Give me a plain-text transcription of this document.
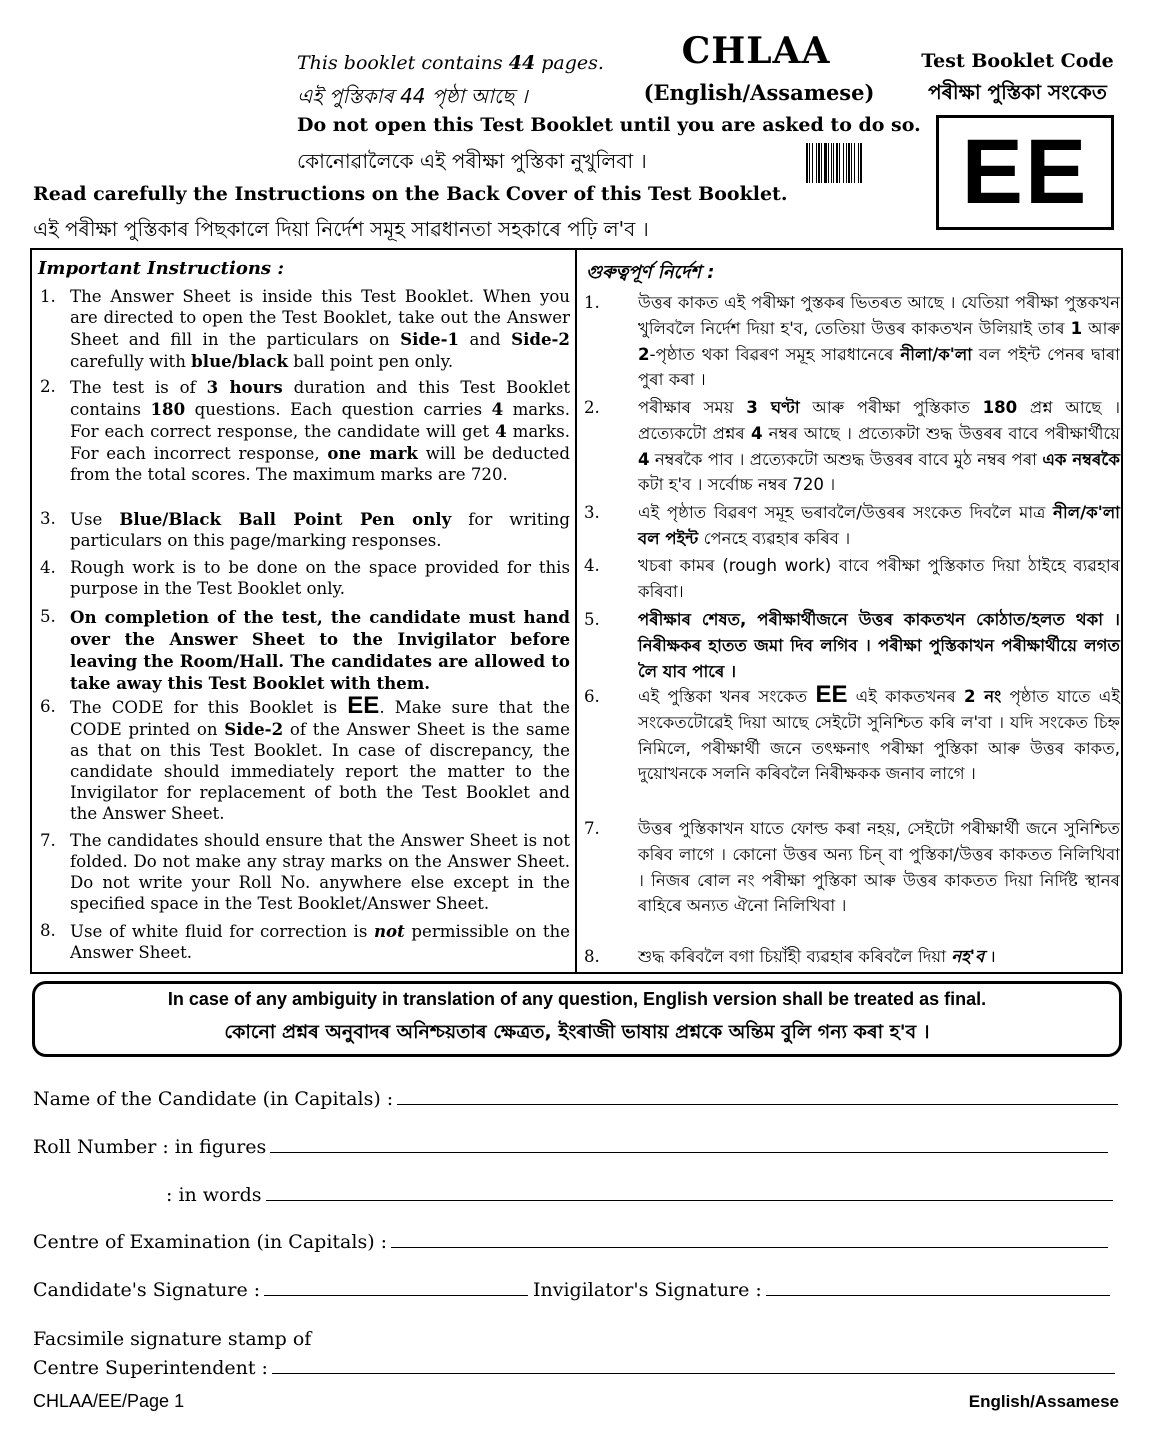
This booklet contains 44 pages.
এই পুস্তিকাৰ 44 পৃষ্ঠা আছে ।
CHLAA
(English/Assamese)
Test Booklet Code
পৰীক্ষা পুস্তিকা সংকেত
Do not open this Test Booklet until you are asked to do so.
কোনোৱালৈকে এই পৰীক্ষা পুস্তিকা নুখুলিবা ।	EE
Read carefully the Instructions on the Back Cover of this Test Booklet.
এই পৰীক্ষা পুস্তিকাৰ পিছকালে দিয়া নিৰ্দেশ সমূহ সাৱধানতা সহকাৰে পঢ়ি ল'ব ।
Important Instructions :	গুৰুত্বপূৰ্ণ নিৰ্দেশ :
1. The Answer Sheet is inside this Test Booklet. When you are directed to open the Test Booklet, take out the Answer Sheet and fill in the particulars on Side-1 and Side-2 carefully with blue/black ball point pen only.
2. The test is of 3 hours duration and this Test Booklet contains 180 questions. Each question carries 4 marks. For each correct response, the candidate will get 4 marks. For each incorrect response, one mark will be deducted from the total scores. The maximum marks are 720.
3. Use Blue/Black Ball Point Pen only for writing particulars on this page/marking responses.
4. Rough work is to be done on the space provided for this purpose in the Test Booklet only.
5. On completion of the test, the candidate must hand over the Answer Sheet to the Invigilator before leaving the Room/Hall. The candidates are allowed to take away this Test Booklet with them.
6. The CODE for this Booklet is EE. Make sure that the CODE printed on Side-2 of the Answer Sheet is the same as that on this Test Booklet. In case of discrepancy, the candidate should immediately report the matter to the Invigilator for replacement of both the Test Booklet and the Answer Sheet.
7. The candidates should ensure that the Answer Sheet is not folded. Do not make any stray marks on the Answer Sheet. Do not write your Roll No. anywhere else except in the specified space in the Test Booklet/Answer Sheet.
8. Use of white fluid for correction is not permissible on the Answer Sheet.
1.	উত্তৰ কাকত এই পৰীক্ষা পুস্তকৰ ভিতৰত আছে । যেতিয়া পৰীক্ষা পুস্তকখন খুলিবলৈ নিৰ্দেশ দিয়া হ'ব, তেতিয়া উত্তৰ কাকতখন উলিয়াই তাৰ 1 আৰু 2-পৃষ্ঠাত থকা বিৱৰণ সমূহ সাৱধানেৰে নীলা/ক'লা বল পইন্ট পেনৰ দ্বাৰা পুৰা কৰা ।
2.	পৰীক্ষাৰ সময় 3 ঘণ্টা আৰু পৰীক্ষা পুস্তিকাত 180 প্ৰশ্ন আছে । প্ৰত্যেকটো প্ৰশ্নৰ 4 নম্বৰ আছে । প্ৰত্যেকটা শুদ্ধ উত্তৰৰ বাবে পৰীক্ষাৰ্থীয়ে 4 নম্বৰকৈ পাব । প্ৰত্যেকটো অশুদ্ধ উত্তৰৰ বাবে মুঠ নম্বৰ পৰা এক নম্বৰকৈ কটা হ'ব । সৰ্বোচ্চ নম্বৰ 720 ।
3.	এই পৃষ্ঠাত বিৱৰণ সমূহ ভৰাবলৈ/উত্তৰৰ সংকেত দিবলৈ মাত্ৰ নীল/ক'লা বল পইন্ট পেনহে ব্যৱহাৰ কৰিব ।
4.	খচৰা কামৰ (rough work) বাবে পৰীক্ষা পুস্তিকাত দিয়া ঠাইহে ব্যৱহাৰ কৰিবা।
5.	পৰীক্ষাৰ শেষত, পৰীক্ষাৰ্থীজনে উত্তৰ কাকতখন কোঠাত/হলত থকা । নিৰীক্ষকৰ হাতত জমা দিব লগিব । পৰীক্ষা পুস্তিকাখন পৰীক্ষাৰ্থীয়ে লগত লৈ যাব পাৰে ।
6.	এই পুস্তিকা খনৰ সংকেত EE এই কাকতখনৰ 2 নং পৃষ্ঠাত যাতে এই সংকেতটোৱেই দিয়া আছে সেইটো সুনিশ্চিত কৰি ল'বা । যদি সংকেত চিহ্ন নিমিলে, পৰীক্ষাৰ্থী জনে তৎক্ষনাৎ পৰীক্ষা পুস্তিকা আৰু উত্তৰ কাকত, দুয়োখনকে সলনি কৰিবলৈ নিৰীক্ষকক জনাব লাগে ।
7.	উত্তৰ পুস্তিকাখন যাতে ফোল্ড কৰা নহয়, সেইটো পৰীক্ষাৰ্থী জনে সুনিশ্চিত কৰিব লাগে । কোনো উত্তৰ অন্য চিন্ বা পুস্তিকা/উত্তৰ কাকতত নিলিখিবা । নিজৰ ৰোল নং পৰীক্ষা পুস্তিকা আৰু উত্তৰ কাকতত দিয়া নিৰ্দিষ্ট স্থানৰ ৰাহিৰে অন্যত ঐনো নিলিখিবা ।
8.	শুদ্ধ কৰিবলৈ বগা চিয়াঁহী ব্যৱহাৰ কৰিবলৈ দিয়া নহ'ব ।
In case of any ambiguity in translation of any question, English version shall be treated as final.
কোনো প্ৰশ্নৰ অনুবাদৰ অনিশ্চয়তাৰ ক্ষেত্ৰত, ইংৰাজী ভাষায় প্ৰশ্নকে অন্তিম বুলি গন্য কৰা হ'ব ।
Name of the Candidate (in Capitals) :
Roll Number : in figures
: in words
Centre of Examination (in Capitals) :
Candidate's Signature :	Invigilator's Signature :
Facsimile signature stamp of
Centre Superintendent :
CHLAA/EE/Page 1	English/Assamese
